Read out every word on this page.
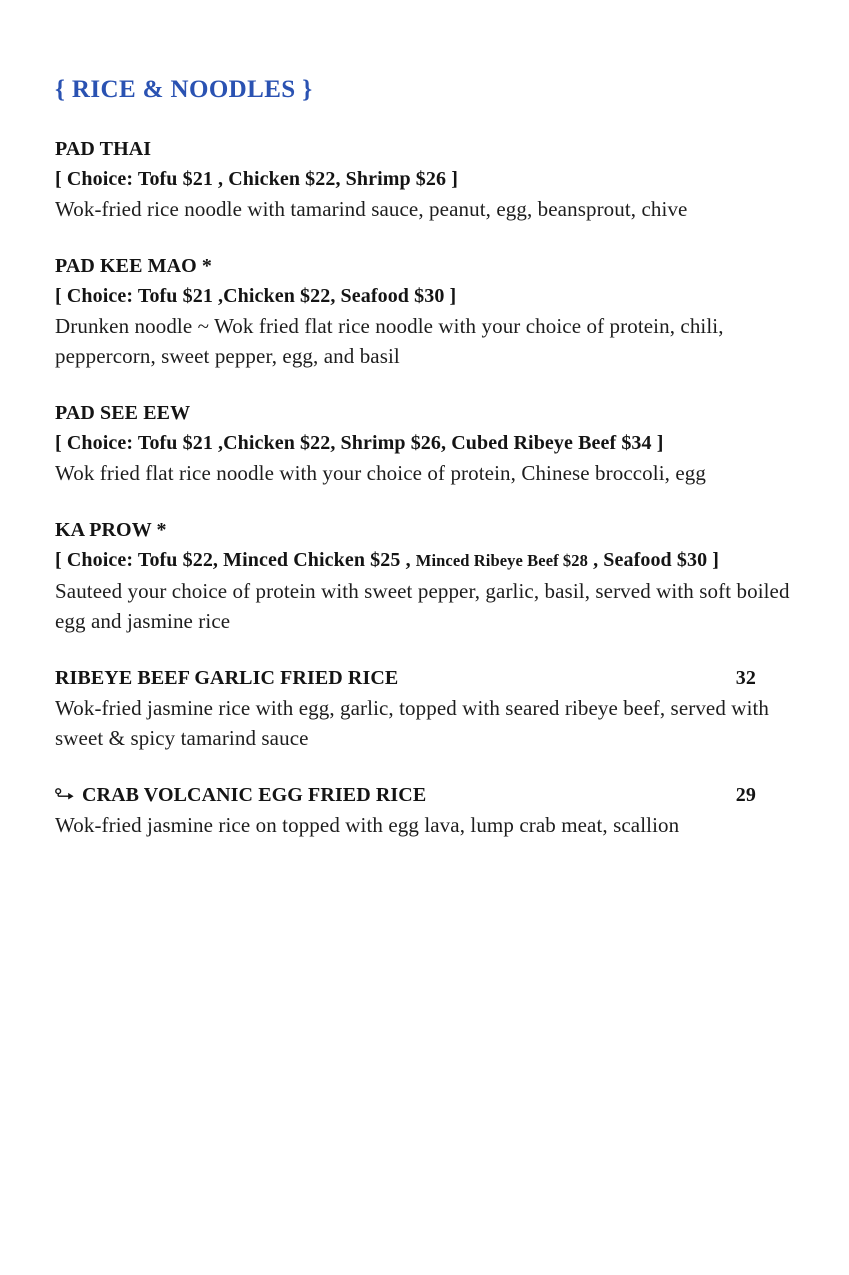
{ RICE & NOODLES }
PAD THAI
[ Choice: Tofu $21 , Chicken $22, Shrimp $26 ]
Wok-fried rice noodle with tamarind sauce, peanut, egg, beansprout, chive
PAD KEE MAO *
[ Choice: Tofu $21 ,Chicken $22, Seafood $30 ]
Drunken noodle ~ Wok fried flat rice noodle with your choice of protein, chili, peppercorn, sweet pepper, egg, and basil
PAD SEE EEW
[ Choice: Tofu $21 ,Chicken $22, Shrimp $26, Cubed Ribeye Beef $34 ]
Wok fried flat rice noodle with your choice of protein, Chinese broccoli, egg
KA PROW *
[ Choice: Tofu $22, Minced Chicken $25 , Minced Ribeye Beef $28 , Seafood $30 ]
Sauteed your choice of protein with sweet pepper, garlic, basil, served with soft boiled egg and jasmine rice
RIBEYE BEEF GARLIC FRIED RICE	32
Wok-fried jasmine rice with egg, garlic, topped with seared ribeye beef, served with sweet & spicy tamarind sauce
CRAB VOLCANIC EGG FRIED RICE	29
Wok-fried jasmine rice on topped with egg lava, lump crab meat, scallion
